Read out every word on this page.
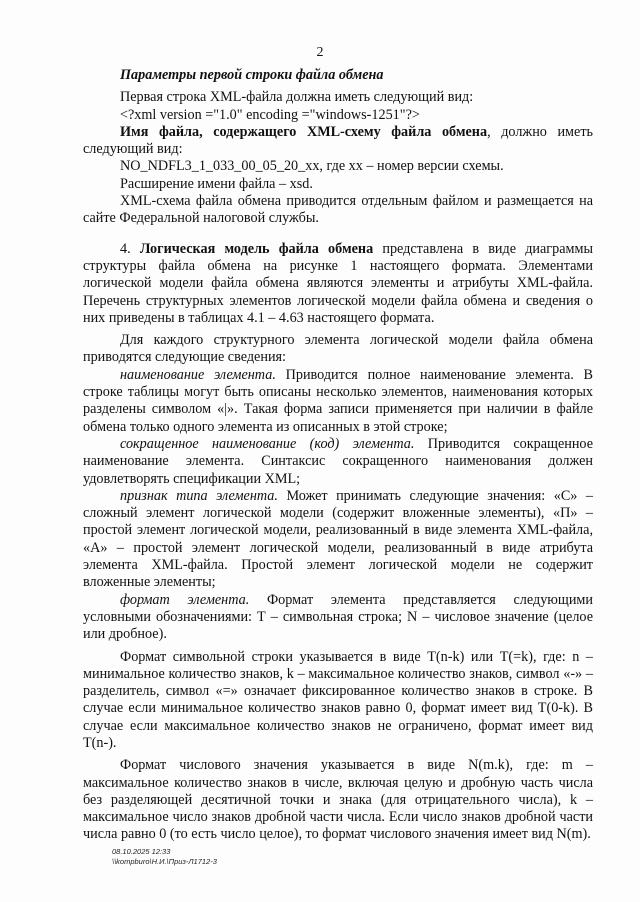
2

Параметры первой строки файла обмена

Первая строка XML-файла должна иметь следующий вид:

<?xml version ="1.0" encoding ="windows-1251"?>

Имя файла, содержащего XML-схему файла обмена, должно иметь следующий вид:

NO_NDFL3_1_033_00_05_20_xx, где хх – номер версии схемы.

Расширение имени файла – xsd.

XML-схема файла обмена приводится отдельным файлом и размещается на сайте Федеральной налоговой службы.

4. Логическая модель файла обмена представлена в виде диаграммы структуры файла обмена на рисунке 1 настоящего формата. Элементами логической модели файла обмена являются элементы и атрибуты XML-файла. Перечень структурных элементов логической модели файла обмена и сведения о них приведены в таблицах 4.1 – 4.63 настоящего формата.

Для каждого структурного элемента логической модели файла обмена приводятся следующие сведения:

наименование элемента. Приводится полное наименование элемента. В строке таблицы могут быть описаны несколько элементов, наименования которых разделены символом «|». Такая форма записи применяется при наличии в файле обмена только одного элемента из описанных в этой строке;

сокращенное наименование (код) элемента. Приводится сокращенное наименование элемента. Синтаксис сокращенного наименования должен удовлетворять спецификации XML;

признак типа элемента. Может принимать следующие значения: «С» – сложный элемент логической модели (содержит вложенные элементы), «П» – простой элемент логической модели, реализованный в виде элемента XML-файла, «А» – простой элемент логической модели, реализованный в виде атрибута элемента XML-файла. Простой элемент логической модели не содержит вложенные элементы;

формат элемента. Формат элемента представляется следующими условными обозначениями: Т – символьная строка; N – числовое значение (целое или дробное).

Формат символьной строки указывается в виде Т(n-k) или Т(=k), где: n – минимальное количество знаков, k – максимальное количество знаков, символ «-» – разделитель, символ «=» означает фиксированное количество знаков в строке. В случае если минимальное количество знаков равно 0, формат имеет вид Т(0-k). В случае если максимальное количество знаков не ограничено, формат имеет вид Т(n-).

Формат числового значения указывается в виде N(m.k), где: m – максимальное количество знаков в числе, включая целую и дробную часть числа без разделяющей десятичной точки и знака (для отрицательного числа), k – максимальное число знаков дробной части числа. Если число знаков дробной части числа равно 0 (то есть число целое), то формат числового значения имеет вид N(m).

08.10.2025 12:33
\\kompburo\Н.И.\Приз-Л1712-3
